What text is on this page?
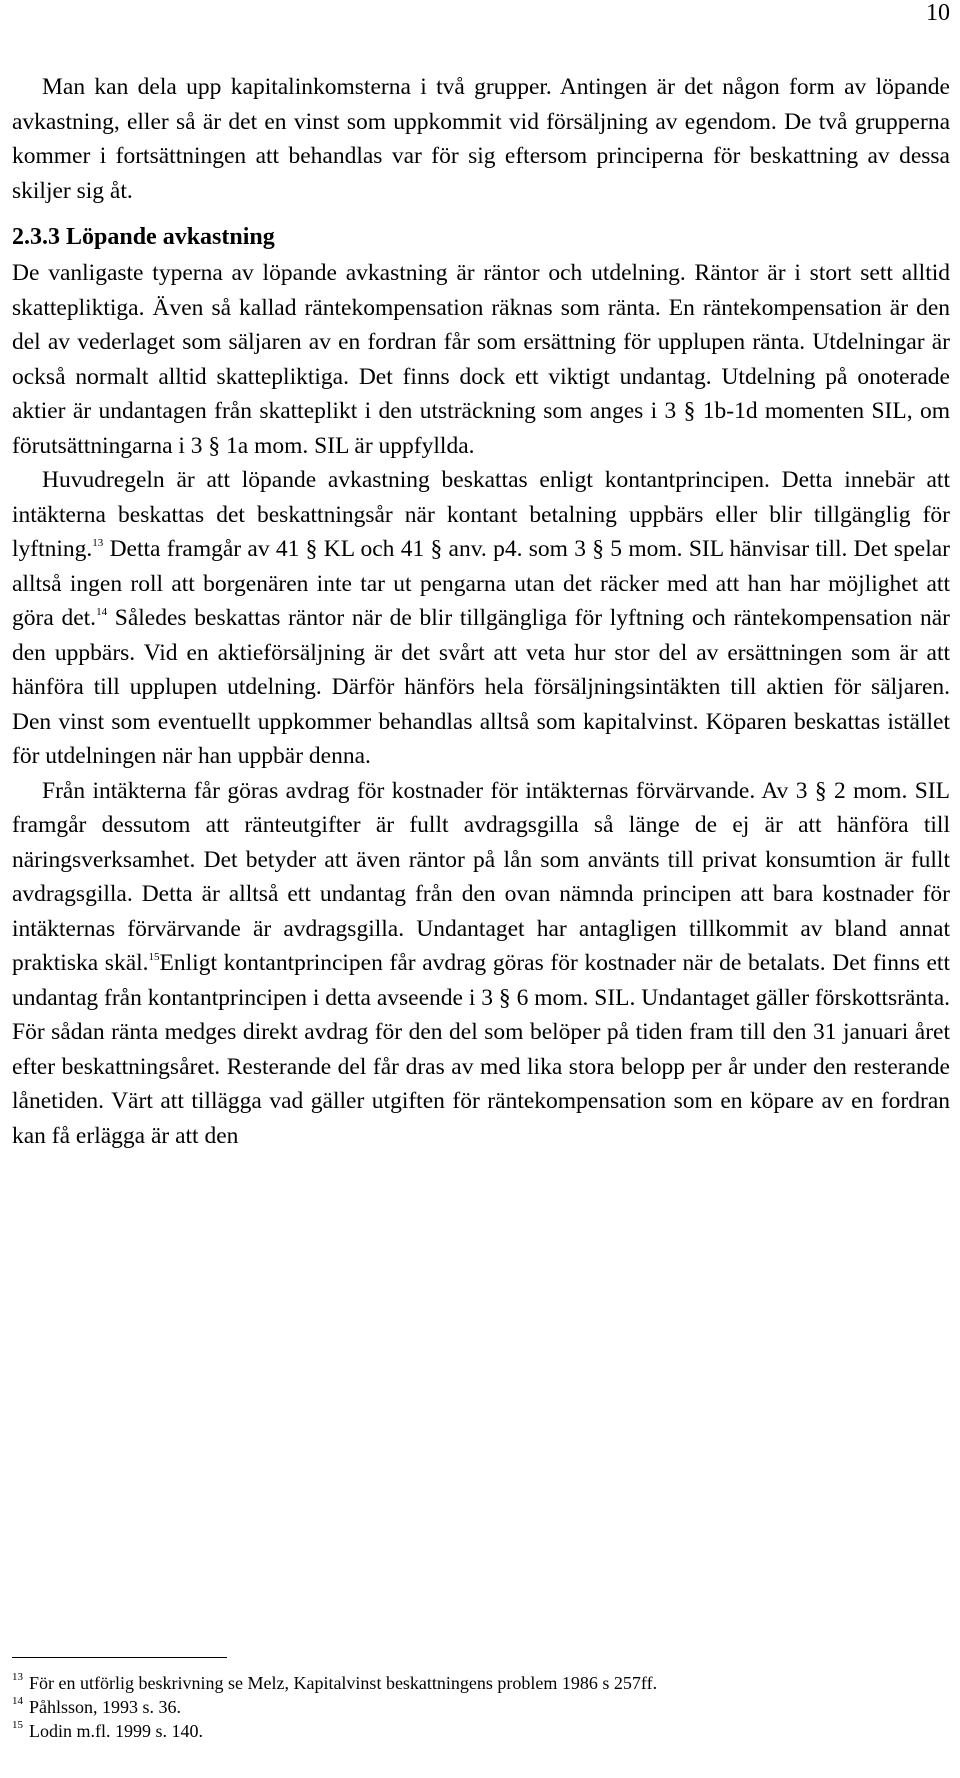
10

Man kan dela upp kapitalinkomsterna i två grupper. Antingen är det någon form av löpande avkastning, eller så är det en vinst som uppkommit vid försäljning av egendom. De två grupperna kommer i fortsättningen att behandlas var för sig eftersom principerna för beskattning av dessa skiljer sig åt.

2.3.3 Löpande avkastning

De vanligaste typerna av löpande avkastning är räntor och utdelning. Räntor är i stort sett alltid skattepliktiga. Även så kallad räntekompensation räknas som ränta. En räntekompensation är den del av vederlaget som säljaren av en fordran får som ersättning för upplupen ränta. Utdelningar är också normalt alltid skattepliktiga. Det finns dock ett viktigt undantag. Utdelning på onoterade aktier är undantagen från skatteplikt i den utsträckning som anges i 3 § 1b-1d momenten SIL, om förutsättningarna i 3 § 1a mom. SIL är uppfyllda.

Huvudregeln är att löpande avkastning beskattas enligt kontantprincipen. Detta innebär att intäkterna beskattas det beskattningsår när kontant betalning uppbärs eller blir tillgänglig för lyftning.$^{13}$ Detta framgår av 41 § KL och 41 § anv. p4. som 3 § 5 mom. SIL hänvisar till. Det spelar alltså ingen roll att borgenären inte tar ut pengarna utan det räcker med att han har möjlighet att göra det.$^{14}$ Således beskattas räntor när de blir tillgängliga för lyftning och räntekompensation när den uppbärs. Vid en aktieförsäljning är det svårt att veta hur stor del av ersättningen som är att hänföra till upplupen utdelning. Därför hänförs hela försäljningsintäkten till aktien för säljaren. Den vinst som eventuellt uppkommer behandlas alltså som kapitalvinst. Köparen beskattas istället för utdelningen när han uppbär denna.

Från intäkterna får göras avdrag för kostnader för intäkternas förvärvande. Av 3 § 2 mom. SIL framgår dessutom att ränteutgifter är fullt avdragsgilla så länge de ej är att hänföra till näringsverksamhet. Det betyder att även räntor på lån som använts till privat konsumtion är fullt avdragsgilla. Detta är alltså ett undantag från den ovan nämnda principen att bara kostnader för intäkternas förvärvande är avdragsgilla. Undantaget har antagligen tillkommit av bland annat praktiska skäl.$^{15}$Enligt kontantprincipen får avdrag göras för kostnader när de betalats. Det finns ett undantag från kontantprincipen i detta avseende i 3 § 6 mom. SIL. Undantaget gäller förskottsränta. För sådan ränta medges direkt avdrag för den del som belöper på tiden fram till den 31 januari året efter beskattningsåret. Resterande del får dras av med lika stora belopp per år under den resterande lånetiden. Värt att tillägga vad gäller utgiften för räntekompensation som en köpare av en fordran kan få erlägga är att den

$^{13}$ För en utförlig beskrivning se Melz, Kapitalvinst beskattningens problem 1986 s 257ff.
$^{14}$ Påhlsson, 1993 s. 36.
$^{15}$ Lodin m.fl. 1999 s. 140.
